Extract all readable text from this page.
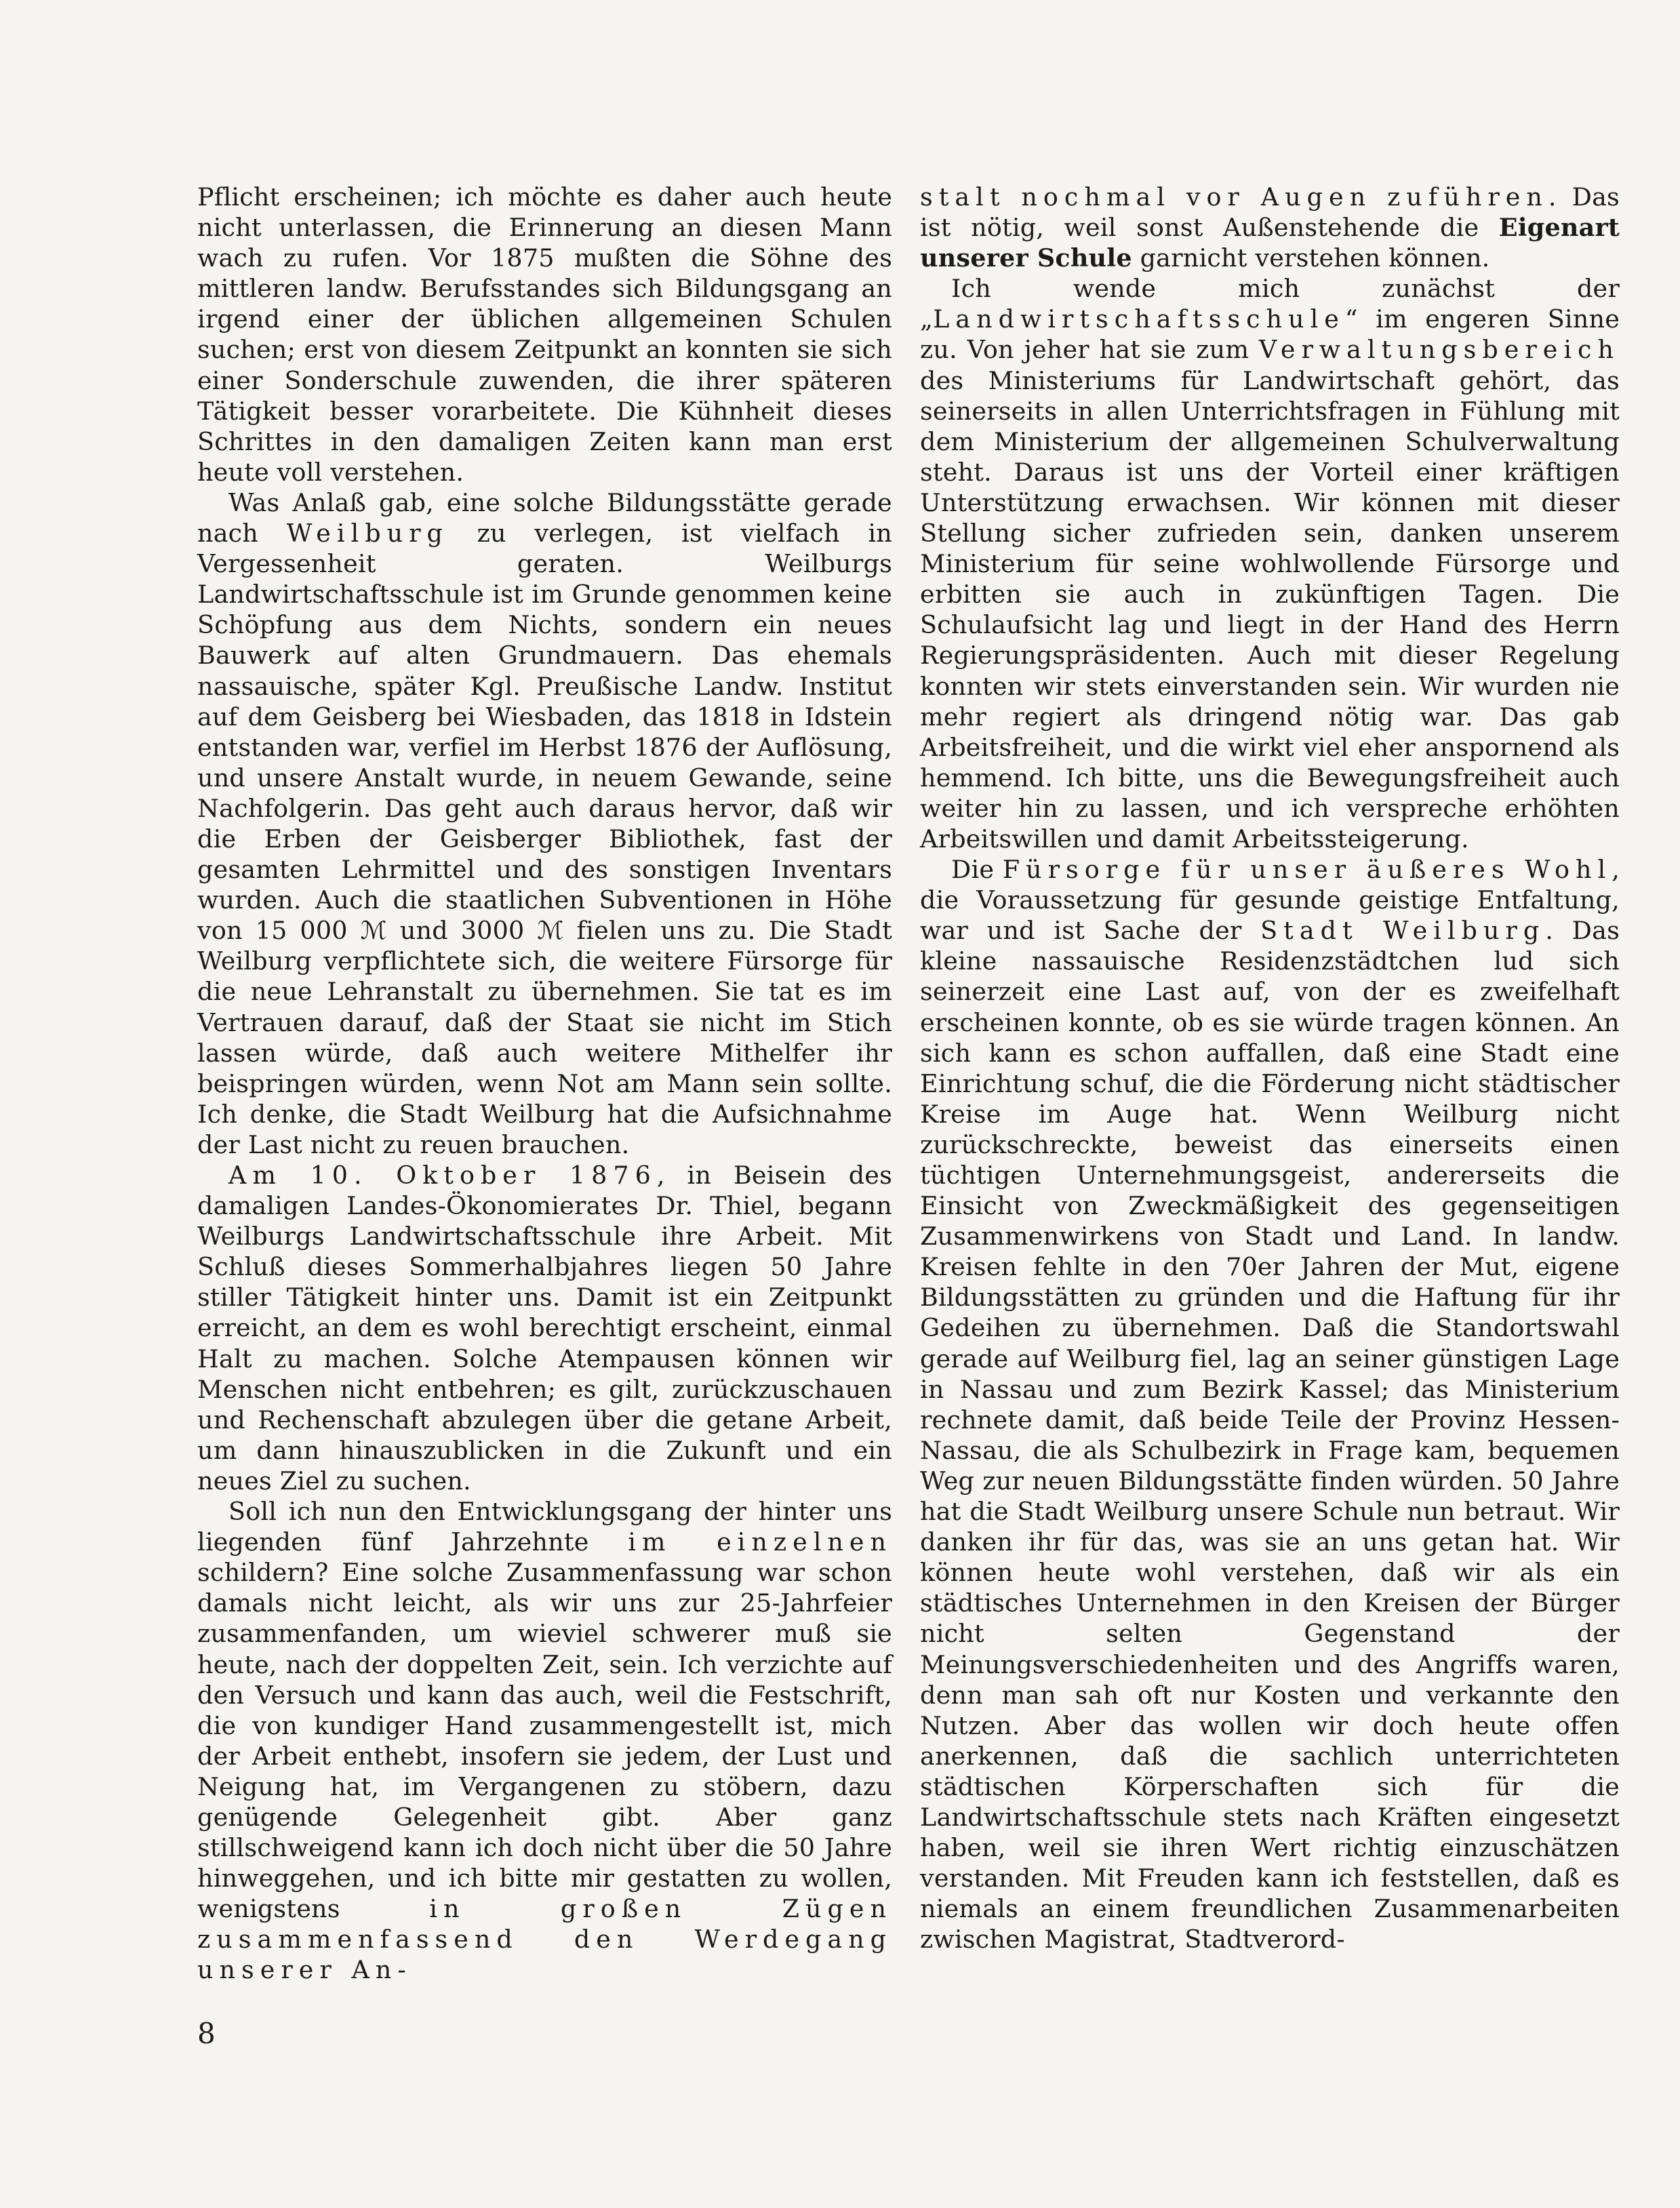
Pflicht erscheinen; ich möchte es daher auch heute nicht unterlassen, die Erinnerung an diesen Mann wach zu rufen. Vor 1875 mußten die Söhne des mittleren landw. Berufsstandes sich Bildungsgang an irgend einer der üblichen allgemeinen Schulen suchen; erst von diesem Zeitpunkt an konnten sie sich einer Sonderschule zuwenden, die ihrer späteren Tätigkeit besser vorarbeitete. Die Kühnheit dieses Schrittes in den damaligen Zeiten kann man erst heute voll verstehen.

Was Anlaß gab, eine solche Bildungsstätte gerade nach Weilburg zu verlegen, ist vielfach in Vergessenheit geraten. Weilburgs Landwirtschaftsschule ist im Grunde genommen keine Schöpfung aus dem Nichts, sondern ein neues Bauwerk auf alten Grundmauern. Das ehemals nassauische, später Kgl. Preußische Landw. Institut auf dem Geisberg bei Wiesbaden, das 1818 in Idstein entstanden war, verfiel im Herbst 1876 der Auflösung, und unsere Anstalt wurde, in neuem Gewande, seine Nachfolgerin. Das geht auch daraus hervor, daß wir die Erben der Geisberger Bibliothek, fast der gesamten Lehrmittel und des sonstigen Inventars wurden. Auch die staatlichen Subventionen in Höhe von 15 000 ℳ und 3000 ℳ fielen uns zu. Die Stadt Weilburg verpflichtete sich, die weitere Fürsorge für die neue Lehranstalt zu übernehmen. Sie tat es im Vertrauen darauf, daß der Staat sie nicht im Stich lassen würde, daß auch weitere Mithelfer ihr beispringen würden, wenn Not am Mann sein sollte. Ich denke, die Stadt Weilburg hat die Aufsichnahme der Last nicht zu reuen brauchen.

Am 10. Oktober 1876, in Beisein des damaligen Landes-Ökonomierates Dr. Thiel, begann Weilburgs Landwirtschaftsschule ihre Arbeit. Mit Schluß dieses Sommerhalbjahres liegen 50 Jahre stiller Tätigkeit hinter uns. Damit ist ein Zeitpunkt erreicht, an dem es wohl berechtigt erscheint, einmal Halt zu machen. Solche Atempausen können wir Menschen nicht entbehren; es gilt, zurückzuschauen und Rechenschaft abzulegen über die getane Arbeit, um dann hinauszublicken in die Zukunft und ein neues Ziel zu suchen.

Soll ich nun den Entwicklungsgang der hinter uns liegenden fünf Jahrzehnte im einzelnen schildern? Eine solche Zusammenfassung war schon damals nicht leicht, als wir uns zur 25-Jahrfeier zusammenfanden, um wieviel schwerer muß sie heute, nach der doppelten Zeit, sein. Ich verzichte auf den Versuch und kann das auch, weil die Festschrift, die von kundiger Hand zusammengestellt ist, mich der Arbeit enthebt, insofern sie jedem, der Lust und Neigung hat, im Vergangenen zu stöbern, dazu genügende Gelegenheit gibt. Aber ganz stillschweigend kann ich doch nicht über die 50 Jahre hinweggehen, und ich bitte mir gestatten zu wollen, wenigstens in großen Zügen zusammenfassend den Werdegang unserer An-

stalt nochmal vor Augen zuführen. Das ist nötig, weil sonst Außenstehende die Eigenart unserer Schule garnicht verstehen können.

Ich wende mich zunächst der „Landwirtschaftsschule“ im engeren Sinne zu. Von jeher hat sie zum Verwaltungsbereich des Ministeriums für Landwirtschaft gehört, das seinerseits in allen Unterrichtsfragen in Fühlung mit dem Ministerium der allgemeinen Schulverwaltung steht. Daraus ist uns der Vorteil einer kräftigen Unterstützung erwachsen. Wir können mit dieser Stellung sicher zufrieden sein, danken unserem Ministerium für seine wohlwollende Fürsorge und erbitten sie auch in zukünftigen Tagen. Die Schulaufsicht lag und liegt in der Hand des Herrn Regierungspräsidenten. Auch mit dieser Regelung konnten wir stets einverstanden sein. Wir wurden nie mehr regiert als dringend nötig war. Das gab Arbeitsfreiheit, und die wirkt viel eher anspornend als hemmend. Ich bitte, uns die Bewegungsfreiheit auch weiter hin zu lassen, und ich verspreche erhöhten Arbeitswillen und damit Arbeitssteigerung.

Die Fürsorge für unser äußeres Wohl, die Voraussetzung für gesunde geistige Entfaltung, war und ist Sache der Stadt Weilburg. Das kleine nassauische Residenzstädtchen lud sich seinerzeit eine Last auf, von der es zweifelhaft erscheinen konnte, ob es sie würde tragen können. An sich kann es schon auffallen, daß eine Stadt eine Einrichtung schuf, die die Förderung nicht städtischer Kreise im Auge hat. Wenn Weilburg nicht zurückschreckte, beweist das einerseits einen tüchtigen Unternehmungsgeist, andererseits die Einsicht von Zweckmäßigkeit des gegenseitigen Zusammenwirkens von Stadt und Land. In landw. Kreisen fehlte in den 70er Jahren der Mut, eigene Bildungsstätten zu gründen und die Haftung für ihr Gedeihen zu übernehmen. Daß die Standortswahl gerade auf Weilburg fiel, lag an seiner günstigen Lage in Nassau und zum Bezirk Kassel; das Ministerium rechnete damit, daß beide Teile der Provinz Hessen-Nassau, die als Schulbezirk in Frage kam, bequemen Weg zur neuen Bildungsstätte finden würden. 50 Jahre hat die Stadt Weilburg unsere Schule nun betraut. Wir danken ihr für das, was sie an uns getan hat. Wir können heute wohl verstehen, daß wir als ein städtisches Unternehmen in den Kreisen der Bürger nicht selten Gegenstand der Meinungsverschiedenheiten und des Angriffs waren, denn man sah oft nur Kosten und verkannte den Nutzen. Aber das wollen wir doch heute offen anerkennen, daß die sachlich unterrichteten städtischen Körperschaften sich für die Landwirtschaftsschule stets nach Kräften eingesetzt haben, weil sie ihren Wert richtig einzuschätzen verstanden. Mit Freuden kann ich feststellen, daß es niemals an einem freundlichen Zusammenarbeiten zwischen Magistrat, Stadtverord-

8
